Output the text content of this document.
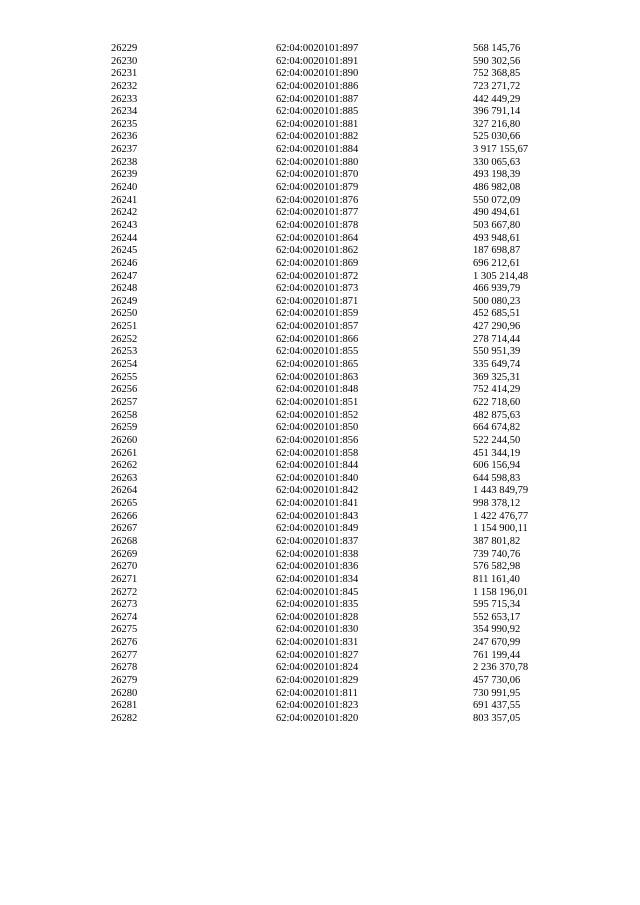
26229	62:04:0020101:897	568 145,76
26230	62:04:0020101:891	590 302,56
26231	62:04:0020101:890	752 368,85
26232	62:04:0020101:886	723 271,72
26233	62:04:0020101:887	442 449,29
26234	62:04:0020101:885	396 791,14
26235	62:04:0020101:881	327 216,80
26236	62:04:0020101:882	525 030,66
26237	62:04:0020101:884	3 917 155,67
26238	62:04:0020101:880	330 065,63
26239	62:04:0020101:870	493 198,39
26240	62:04:0020101:879	486 982,08
26241	62:04:0020101:876	550 072,09
26242	62:04:0020101:877	490 494,61
26243	62:04:0020101:878	503 667,80
26244	62:04:0020101:864	493 948,61
26245	62:04:0020101:862	187 698,87
26246	62:04:0020101:869	696 212,61
26247	62:04:0020101:872	1 305 214,48
26248	62:04:0020101:873	466 939,79
26249	62:04:0020101:871	500 080,23
26250	62:04:0020101:859	452 685,51
26251	62:04:0020101:857	427 290,96
26252	62:04:0020101:866	278 714,44
26253	62:04:0020101:855	550 951,39
26254	62:04:0020101:865	335 649,74
26255	62:04:0020101:863	369 325,31
26256	62:04:0020101:848	752 414,29
26257	62:04:0020101:851	622 718,60
26258	62:04:0020101:852	482 875,63
26259	62:04:0020101:850	664 674,82
26260	62:04:0020101:856	522 244,50
26261	62:04:0020101:858	451 344,19
26262	62:04:0020101:844	606 156,94
26263	62:04:0020101:840	644 598,83
26264	62:04:0020101:842	1 443 849,79
26265	62:04:0020101:841	998 378,12
26266	62:04:0020101:843	1 422 476,77
26267	62:04:0020101:849	1 154 900,11
26268	62:04:0020101:837	387 801,82
26269	62:04:0020101:838	739 740,76
26270	62:04:0020101:836	576 582,98
26271	62:04:0020101:834	811 161,40
26272	62:04:0020101:845	1 158 196,01
26273	62:04:0020101:835	595 715,34
26274	62:04:0020101:828	552 653,17
26275	62:04:0020101:830	354 990,92
26276	62:04:0020101:831	247 670,99
26277	62:04:0020101:827	761 199,44
26278	62:04:0020101:824	2 236 370,78
26279	62:04:0020101:829	457 730,06
26280	62:04:0020101:811	730 991,95
26281	62:04:0020101:823	691 437,55
26282	62:04:0020101:820	803 357,05
